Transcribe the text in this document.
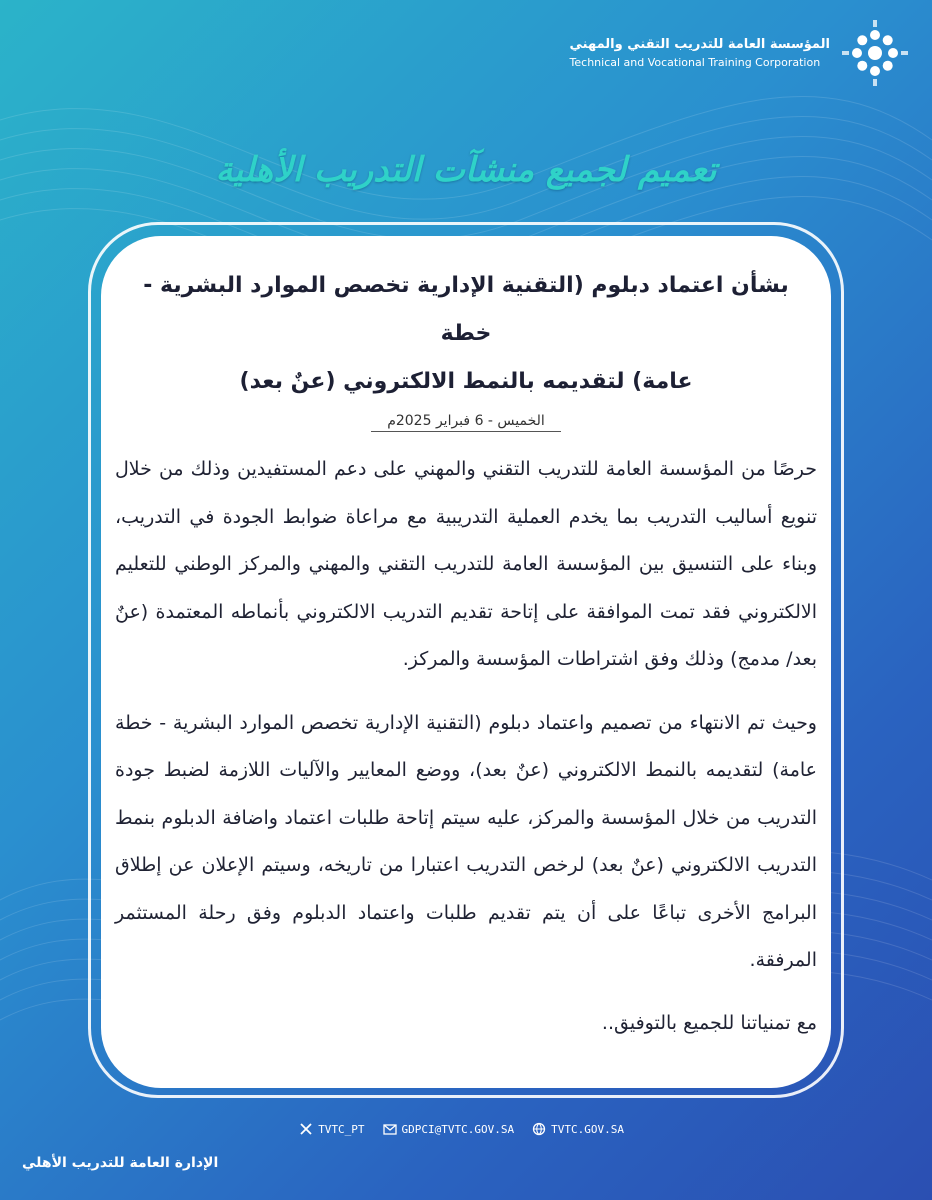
المؤسسة العامة للتدريب التقني والمهني
Technical and Vocational Training Corporation
تعميم لجميع منشآت التدريب الأهلية
بشأن اعتماد دبلوم (التقنية الإدارية تخصص الموارد البشرية - خطة
عامة) لتقديمه بالنمط الالكتروني (عنٌ بعد)
الخميس - 6 فبراير 2025م

حرصًا من المؤسسة العامة للتدريب التقني والمهني على دعم المستفيدين وذلك من خلال تنويع أساليب التدريب بما يخدم العملية التدريبية مع مراعاة ضوابط الجودة في التدريب، وبناء على التنسيق بين المؤسسة العامة للتدريب التقني والمهني والمركز الوطني للتعليم الالكتروني فقد تمت الموافقة على إتاحة تقديم التدريب الالكتروني بأنماطه المعتمدة (عنٌ بعد/ مدمج) وذلك وفق اشتراطات المؤسسة والمركز.

وحيث تم الانتهاء من تصميم واعتماد دبلوم (التقنية الإدارية تخصص الموارد البشرية - خطة عامة) لتقديمه بالنمط الالكتروني (عنٌ بعد)، ووضع المعايير والآليات اللازمة لضبط جودة التدريب من خلال المؤسسة والمركز، عليه سيتم إتاحة طلبات اعتماد واضافة الدبلوم بنمط التدريب الالكتروني (عنٌ بعد) لرخص التدريب اعتبارا من تاريخه، وسيتم الإعلان عن إطلاق البرامج الأخرى تباعًا على أن يتم تقديم طلبات واعتماد الدبلوم وفق رحلة المستثمر المرفقة.

مع تمنياتنا للجميع بالتوفيق..
TVTC_PT	GDPCI@TVTC.GOV.SA	TVTC.GOV.SA
الإدارة العامة للتدريب الأهلي
